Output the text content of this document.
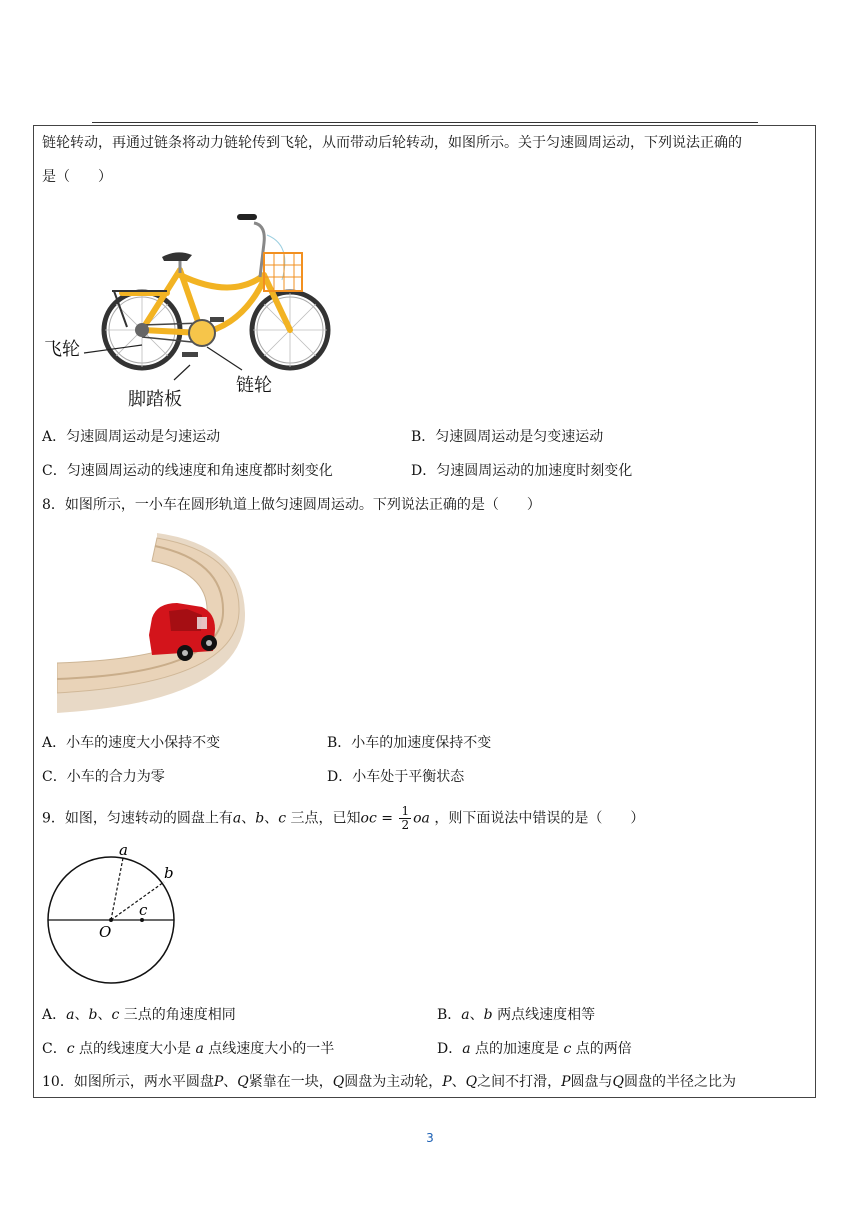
链轮转动，再通过链条将动力链轮传到飞轮，从而带动后轮转动，如图所示。关于匀速圆周运动，下列说法正确的
是（　　）
飞轮
脚踏板
链轮
A．匀速圆周运动是匀速运动	B．匀速圆周运动是匀变速运动
C．匀速圆周运动的线速度和角速度都时刻变化	D．匀速圆周运动的加速度时刻变化
8．如图所示，一小车在圆形轨道上做匀速圆周运动。下列说法正确的是（　　）
A．小车的速度大小保持不变	B．小车的加速度保持不变
C．小车的合力为零	D．小车处于平衡状态
9．如图，匀速转动的圆盘上有a、b、c 三点，已知oc = $\frac{1}{2}$ oa ，则下面说法中错误的是（　　）
a
b
c
O
A．a、b、c 三点的角速度相同	B．a、b 两点线速度相等
C．c 点的线速度大小是 a 点线速度大小的一半	D．a 点的加速度是 c 点的两倍
10．如图所示，两水平圆盘P、Q紧靠在一块，Q圆盘为主动轮，P、Q之间不打滑，P圆盘与Q圆盘的半径之比为
3
